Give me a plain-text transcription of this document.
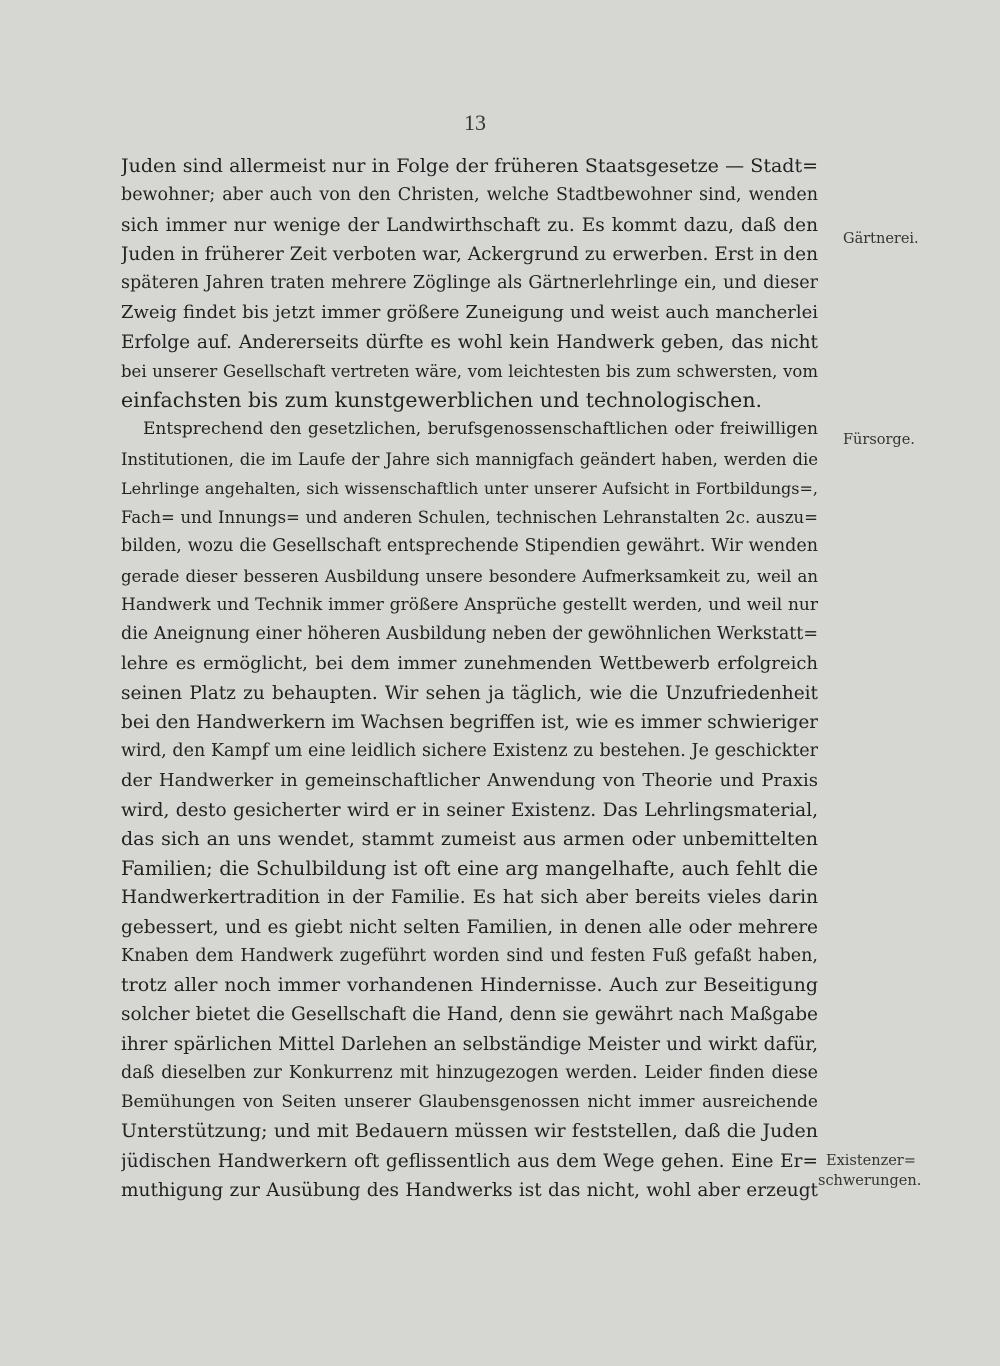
13
Juden sind allermeist nur in Folge der früheren Staatsgesetze — Stadt=
bewohner; aber auch von den Christen, welche Stadtbewohner sind, wenden
sich immer nur wenige der Landwirthschaft zu. Es kommt dazu, daß den
Juden in früherer Zeit verboten war, Ackergrund zu erwerben. Erst in den
späteren Jahren traten mehrere Zöglinge als Gärtnerlehrlinge ein, und dieser
Zweig findet bis jetzt immer größere Zuneigung und weist auch mancherlei
Erfolge auf. Andererseits dürfte es wohl kein Handwerk geben, das nicht
bei unserer Gesellschaft vertreten wäre, vom leichtesten bis zum schwersten, vom
einfachsten bis zum kunstgewerblichen und technologischen.
Entsprechend den gesetzlichen, berufsgenossenschaftlichen oder freiwilligen
Institutionen, die im Laufe der Jahre sich mannigfach geändert haben, werden die
Lehrlinge angehalten, sich wissenschaftlich unter unserer Aufsicht in Fortbildungs=,
Fach= und Innungs= und anderen Schulen, technischen Lehranstalten 2c. auszu=
bilden, wozu die Gesellschaft entsprechende Stipendien gewährt. Wir wenden
gerade dieser besseren Ausbildung unsere besondere Aufmerksamkeit zu, weil an
Handwerk und Technik immer größere Ansprüche gestellt werden, und weil nur
die Aneignung einer höheren Ausbildung neben der gewöhnlichen Werkstatt=
lehre es ermöglicht, bei dem immer zunehmenden Wettbewerb erfolgreich
seinen Platz zu behaupten. Wir sehen ja täglich, wie die Unzufriedenheit
bei den Handwerkern im Wachsen begriffen ist, wie es immer schwieriger
wird, den Kampf um eine leidlich sichere Existenz zu bestehen. Je geschickter
der Handwerker in gemeinschaftlicher Anwendung von Theorie und Praxis
wird, desto gesicherter wird er in seiner Existenz. Das Lehrlingsmaterial,
das sich an uns wendet, stammt zumeist aus armen oder unbemittelten
Familien; die Schulbildung ist oft eine arg mangelhafte, auch fehlt die
Handwerkertradition in der Familie. Es hat sich aber bereits vieles darin
gebessert, und es giebt nicht selten Familien, in denen alle oder mehrere
Knaben dem Handwerk zugeführt worden sind und festen Fuß gefaßt haben,
trotz aller noch immer vorhandenen Hindernisse. Auch zur Beseitigung
solcher bietet die Gesellschaft die Hand, denn sie gewährt nach Maßgabe
ihrer spärlichen Mittel Darlehen an selbständige Meister und wirkt dafür,
daß dieselben zur Konkurrenz mit hinzugezogen werden. Leider finden diese
Bemühungen von Seiten unserer Glaubensgenossen nicht immer ausreichende
Unterstützung; und mit Bedauern müssen wir feststellen, daß die Juden
jüdischen Handwerkern oft geflissentlich aus dem Wege gehen. Eine Er=
muthigung zur Ausübung des Handwerks ist das nicht, wohl aber erzeugt
Gärtnerei.
Fürsorge.
Existenzer=
schwerungen.
